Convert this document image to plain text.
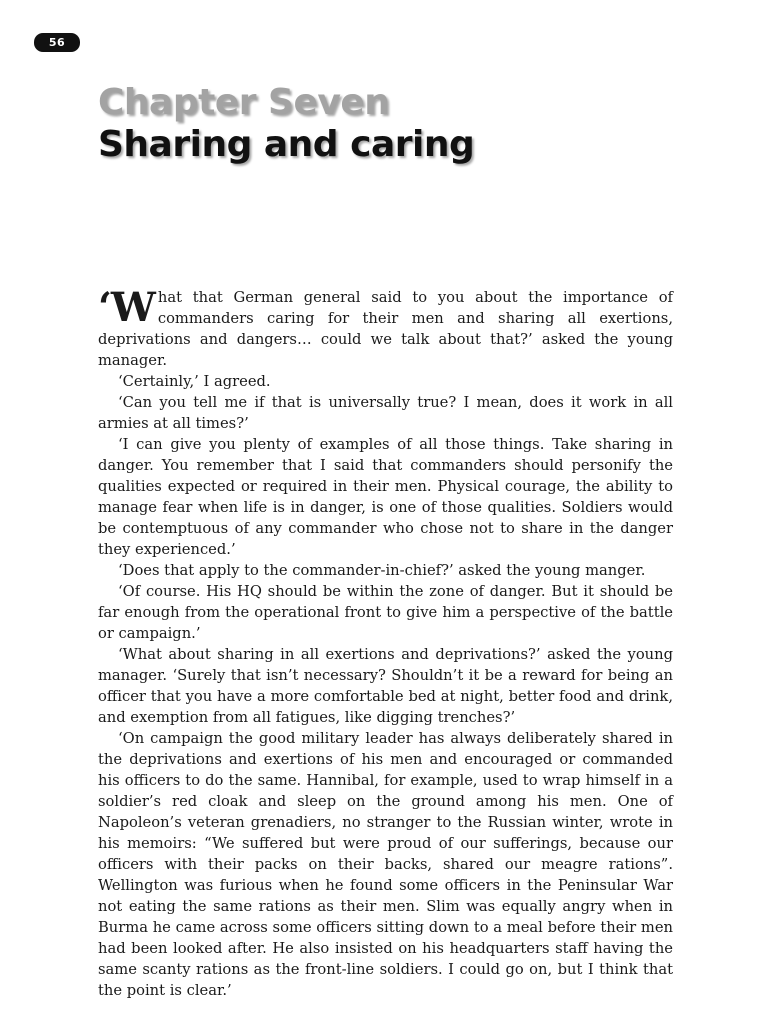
56
Chapter Seven
Sharing and caring

‘What that German general said to you about the importance of commanders caring for their men and sharing all exertions, deprivations and dangers… could we talk about that?’ asked the young manager.

‘Certainly,’ I agreed.

‘Can you tell me if that is universally true? I mean, does it work in all armies at all times?’

‘I can give you plenty of examples of all those things. Take sharing in danger. You remember that I said that commanders should personify the qualities expected or required in their men. Physical courage, the ability to manage fear when life is in danger, is one of those qualities. Soldiers would be contemptuous of any commander who chose not to share in the danger they experienced.’

‘Does that apply to the commander-in-chief?’ asked the young manger.

‘Of course. His HQ should be within the zone of danger. But it should be far enough from the operational front to give him a perspective of the battle or campaign.’

‘What about sharing in all exertions and deprivations?’ asked the young manager. ‘Surely that isn’t necessary? Shouldn’t it be a reward for being an officer that you have a more comfortable bed at night, better food and drink, and exemption from all fatigues, like digging trenches?’

‘On campaign the good military leader has always deliberately shared in the deprivations and exertions of his men and encouraged or commanded his officers to do the same. Hannibal, for example, used to wrap himself in a soldier’s red cloak and sleep on the ground among his men. One of Napoleon’s veteran grenadiers, no stranger to the Russian winter, wrote in his memoirs: “We suffered but were proud of our sufferings, because our officers with their packs on their backs, shared our meagre rations”. Wellington was furious when he found some officers in the Peninsular War not eating the same rations as their men. Slim was equally angry when in Burma he came across some officers sitting down to a meal before their men had been looked after. He also insisted on his headquarters staff having the same scanty rations as the front-line soldiers. I could go on, but I think that the point is clear.’
